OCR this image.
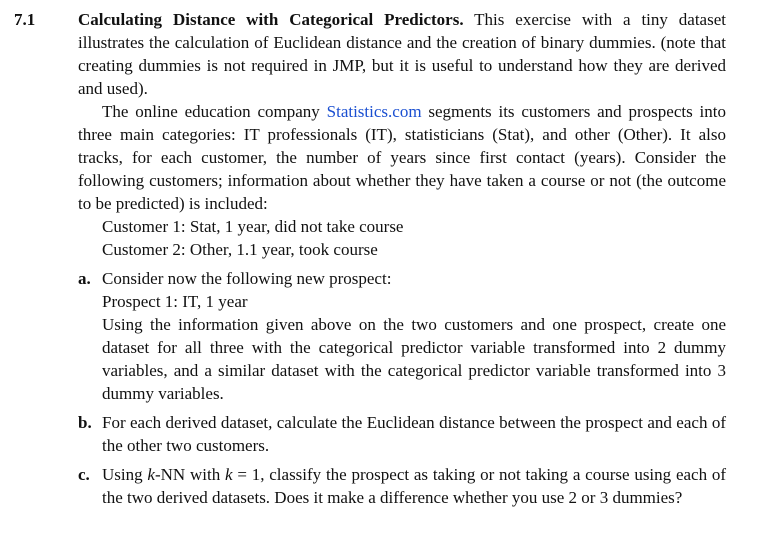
7.1	Calculating Distance with Categorical Predictors. This exercise with a tiny dataset illustrates the calculation of Euclidean distance and the creation of binary dummies. (note that creating dummies is not required in JMP, but it is useful to understand how they are derived and used).

The online education company Statistics.com segments its customers and prospects into three main categories: IT professionals (IT), statisticians (Stat), and other (Other). It also tracks, for each customer, the number of years since first contact (years). Consider the following customers; information about whether they have taken a course or not (the outcome to be predicted) is included:

Customer 1: Stat, 1 year, did not take course

Customer 2: Other, 1.1 year, took course

a. Consider now the following new prospect:

Prospect 1: IT, 1 year

Using the information given above on the two customers and one prospect, create one dataset for all three with the categorical predictor variable transformed into 2 dummy variables, and a similar dataset with the categorical predictor variable transformed into 3 dummy variables.

b. For each derived dataset, calculate the Euclidean distance between the prospect and each of the other two customers.

c. Using k-NN with k = 1, classify the prospect as taking or not taking a course using each of the two derived datasets. Does it make a difference whether you use 2 or 3 dummies?
